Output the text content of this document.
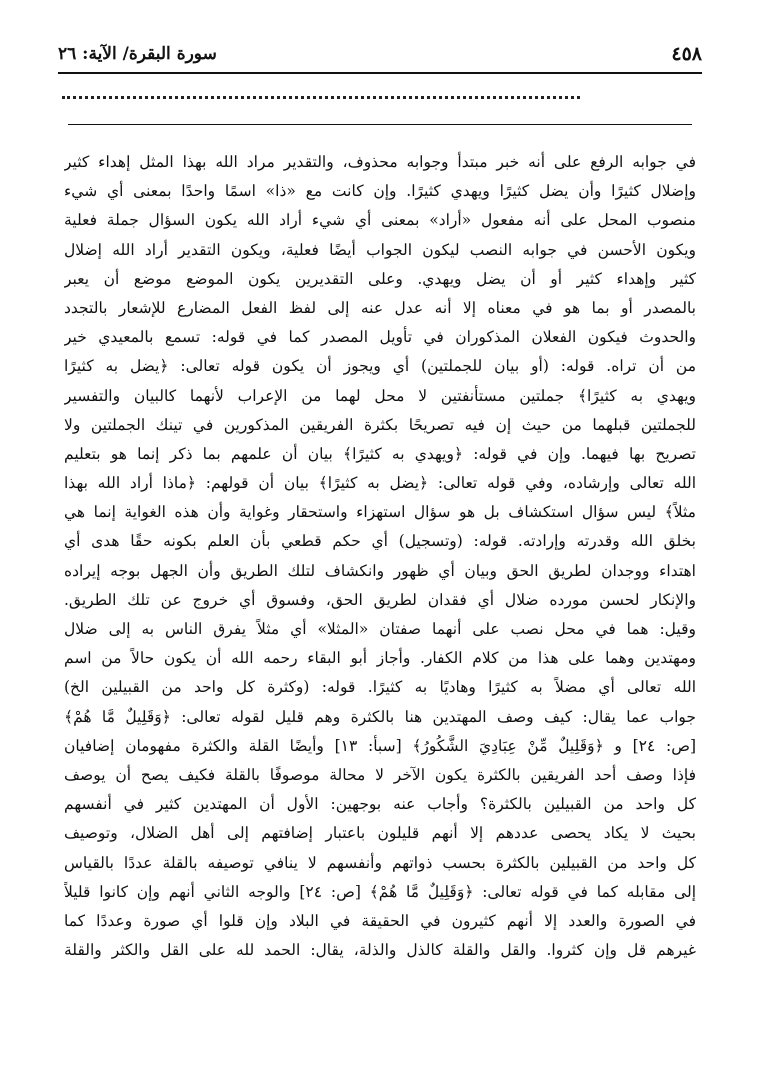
٤٥٨
سورة البقرة/ الآية: ٢٦
في جوابه الرفع على أنه خبر مبتدأ وجوابه محذوف، والتقدير مراد الله بهذا المثل إهداء كثير
وإضلال كثيرًا وأن يضل كثيرًا ويهدي كثيرًا. وإن كانت مع «ذا» اسمًا واحدًا بمعنى أي شيء
منصوب المحل على أنه مفعول «أراد» بمعنى أي شيء أراد الله يكون السؤال جملة فعلية
ويكون الأحسن في جوابه النصب ليكون الجواب أيضًا فعلية، ويكون التقدير أراد الله إضلال
كثير وإهداء كثير أو أن يضل ويهدي. وعلى التقديرين يكون الموضع موضع أن يعبر
بالمصدر أو بما هو في معناه إلا أنه عدل عنه إلى لفظ الفعل المضارع للإشعار بالتجدد
والحدوث فيكون الفعلان المذكوران في تأويل المصدر كما في قوله: تسمع بالمعيدي خير
من أن تراه. قوله: (أو بيان للجملتين) أي ويجوز أن يكون قوله تعالى: ﴿يضل به كثيرًا
ويهدي به كثيرًا﴾ جملتين مستأنفتين لا محل لهما من الإعراب لأنهما كالبيان والتفسير
للجملتين قبلهما من حيث إن فيه تصريحًا بكثرة الفريقين المذكورين في تينك الجملتين ولا
تصريح بها فيهما. وإن في قوله: ﴿ويهدي به كثيرًا﴾ بيان أن علمهم بما ذكر إنما هو بتعليم
الله تعالى وإرشاده، وفي قوله تعالى: ﴿يضل به كثيرًا﴾ بيان أن قولهم: ﴿ماذا أراد الله بهذا
مثلاً﴾ ليس سؤال استكشاف بل هو سؤال استهزاء واستحقار وغواية وأن هذه الغواية إنما هي
بخلق الله وقدرته وإرادته. قوله: (وتسجيل) أي حكم قطعي بأن العلم بكونه حقًا هدى أي
اهتداء ووجدان لطريق الحق وبيان أي ظهور وانكشاف لتلك الطريق وأن الجهل بوجه إيراده
والإنكار لحسن مورده ضلال أي فقدان لطريق الحق، وفسوق أي خروج عن تلك الطريق.
وقيل: هما في محل نصب على أنهما صفتان «المثلا» أي مثلاً يفرق الناس به إلى ضلال
ومهتدين وهما على هذا من كلام الكفار. وأجاز أبو البقاء رحمه الله أن يكون حالاً من اسم
الله تعالى أي مضلاً به كثيرًا وهاديًا به كثيرًا. قوله: (وكثرة كل واحد من القبيلين الخ)
جواب عما يقال: كيف وصف المهتدين هنا بالكثرة وهم قليل لقوله تعالى: ﴿وَقَلِيلٌ مَّا هُمْ﴾
[ص: ٢٤] و ﴿وَقَلِيلٌ مِّنْ عِبَادِيَ الشَّكُورُ﴾ [سبأ: ١٣] وأيضًا القلة والكثرة مفهومان إضافيان
فإذا وصف أحد الفريقين بالكثرة يكون الآخر لا محالة موصوفًا بالقلة فكيف يصح أن يوصف
كل واحد من القبيلين بالكثرة؟ وأجاب عنه بوجهين: الأول أن المهتدين كثير في أنفسهم
بحيث لا يكاد يحصى عددهم إلا أنهم قليلون باعتبار إضافتهم إلى أهل الضلال، وتوصيف
كل واحد من القبيلين بالكثرة بحسب ذواتهم وأنفسهم لا ينافي توصيفه بالقلة عددًا بالقياس
إلى مقابله كما في قوله تعالى: ﴿وَقَلِيلٌ مَّا هُمْ﴾ [ص: ٢٤] والوجه الثاني أنهم وإن كانوا قليلاً
في الصورة والعدد إلا أنهم كثيرون في الحقيقة في البلاد وإن قلوا أي صورة وعددًا كما
غيرهم قل وإن كثروا. والقل والقلة كالذل والذلة، يقال: الحمد لله على القل والكثر والقلة
